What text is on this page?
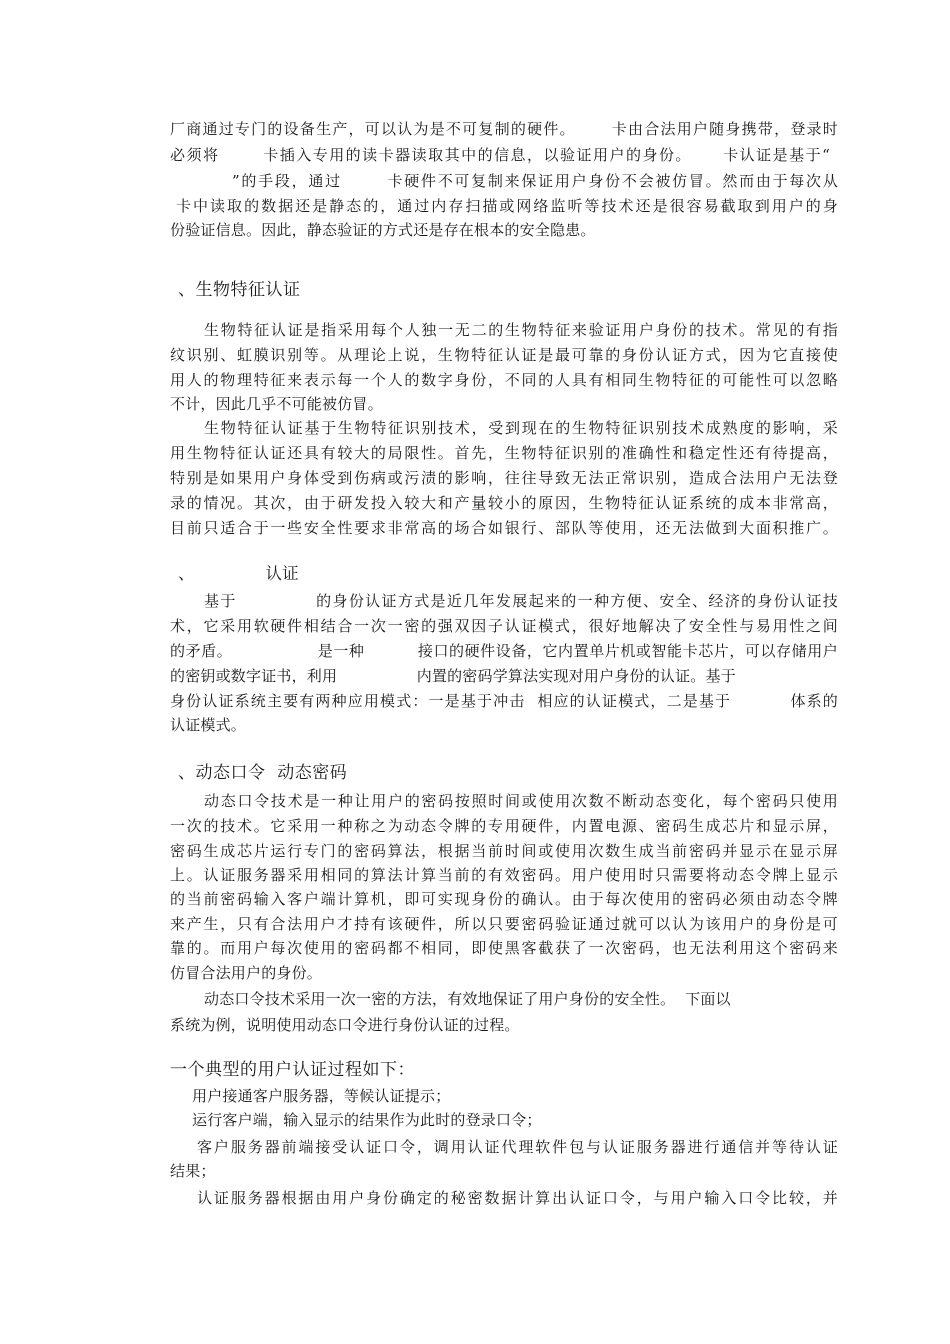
厂商通过专门的设备生产，可以认为是不可复制的硬件。      卡由合法用户随身携带，登录时
必须将       卡插入专用的读卡器读取其中的信息，以验证用户的身份。     卡认证是基于“
”的手段，通过       卡硬件不可复制来保证用户身份不会被仿冒。然而由于每次从
卡中读取的数据还是静态的，通过内存扫描或网络监听等技术还是很容易截取到用户的身
份验证信息。因此，静态验证的方式还是存在根本的安全隐患。
、生物特征认证
生物特征认证是指采用每个人独一无二的生物特征来验证用户身份的技术。常见的有指
纹识别、虹膜识别等。从理论上说，生物特征认证是最可靠的身份认证方式，因为它直接使
用人的物理特征来表示每一个人的数字身份，不同的人具有相同生物特征的可能性可以忽略
不计，因此几乎不可能被仿冒。
生物特征认证基于生物特征识别技术，受到现在的生物特征识别技术成熟度的影响，采
用生物特征认证还具有较大的局限性。首先，生物特征识别的准确性和稳定性还有待提高，
特别是如果用户身体受到伤病或污渍的影响，往往导致无法正常识别，造成合法用户无法登
录的情况。其次，由于研发投入较大和产量较小的原因，生物特征认证系统的成本非常高，
目前只适合于一些安全性要求非常高的场合如银行、部队等使用，还无法做到大面积推广。
、             认证
基于             的身份认证方式是近几年发展起来的一种方便、安全、经济的身份认证技
术，它采用软硬件相结合一次一密的强双因子认证模式，很好地解决了安全性与易用性之间
的矛盾。                是一种          接口的硬件设备，它内置单片机或智能卡芯片，可以存储用户
的密钥或数字证书，利用                内置的密码学算法实现对用户身份的认证。基于
身份认证系统主要有两种应用模式：一是基于冲击  相应的认证模式，二是基于          体系的
认证模式。
、动态口令  动态密码
动态口令技术是一种让用户的密码按照时间或使用次数不断动态变化，每个密码只使用
一次的技术。它采用一种称之为动态令牌的专用硬件，内置电源、密码生成芯片和显示屏，
密码生成芯片运行专门的密码算法，根据当前时间或使用次数生成当前密码并显示在显示屏
上。认证服务器采用相同的算法计算当前的有效密码。用户使用时只需要将动态令牌上显示
的当前密码输入客户端计算机，即可实现身份的确认。由于每次使用的密码必须由动态令牌
来产生，只有合法用户才持有该硬件，所以只要密码验证通过就可以认为该用户的身份是可
靠的。而用户每次使用的密码都不相同，即使黑客截获了一次密码，也无法利用这个密码来
仿冒合法用户的身份。
动态口令技术采用一次一密的方法，有效地保证了用户身份的安全性。  下面以
系统为例，说明使用动态口令进行身份认证的过程。
一个典型的用户认证过程如下：
用户接通客户服务器，等候认证提示；
运行客户端，输入显示的结果作为此时的登录口令；
客户服务器前端接受认证口令，调用认证代理软件包与认证服务器进行通信并等待认证
结果；
认证服务器根据由用户身份确定的秘密数据计算出认证口令，与用户输入口令比较，并
